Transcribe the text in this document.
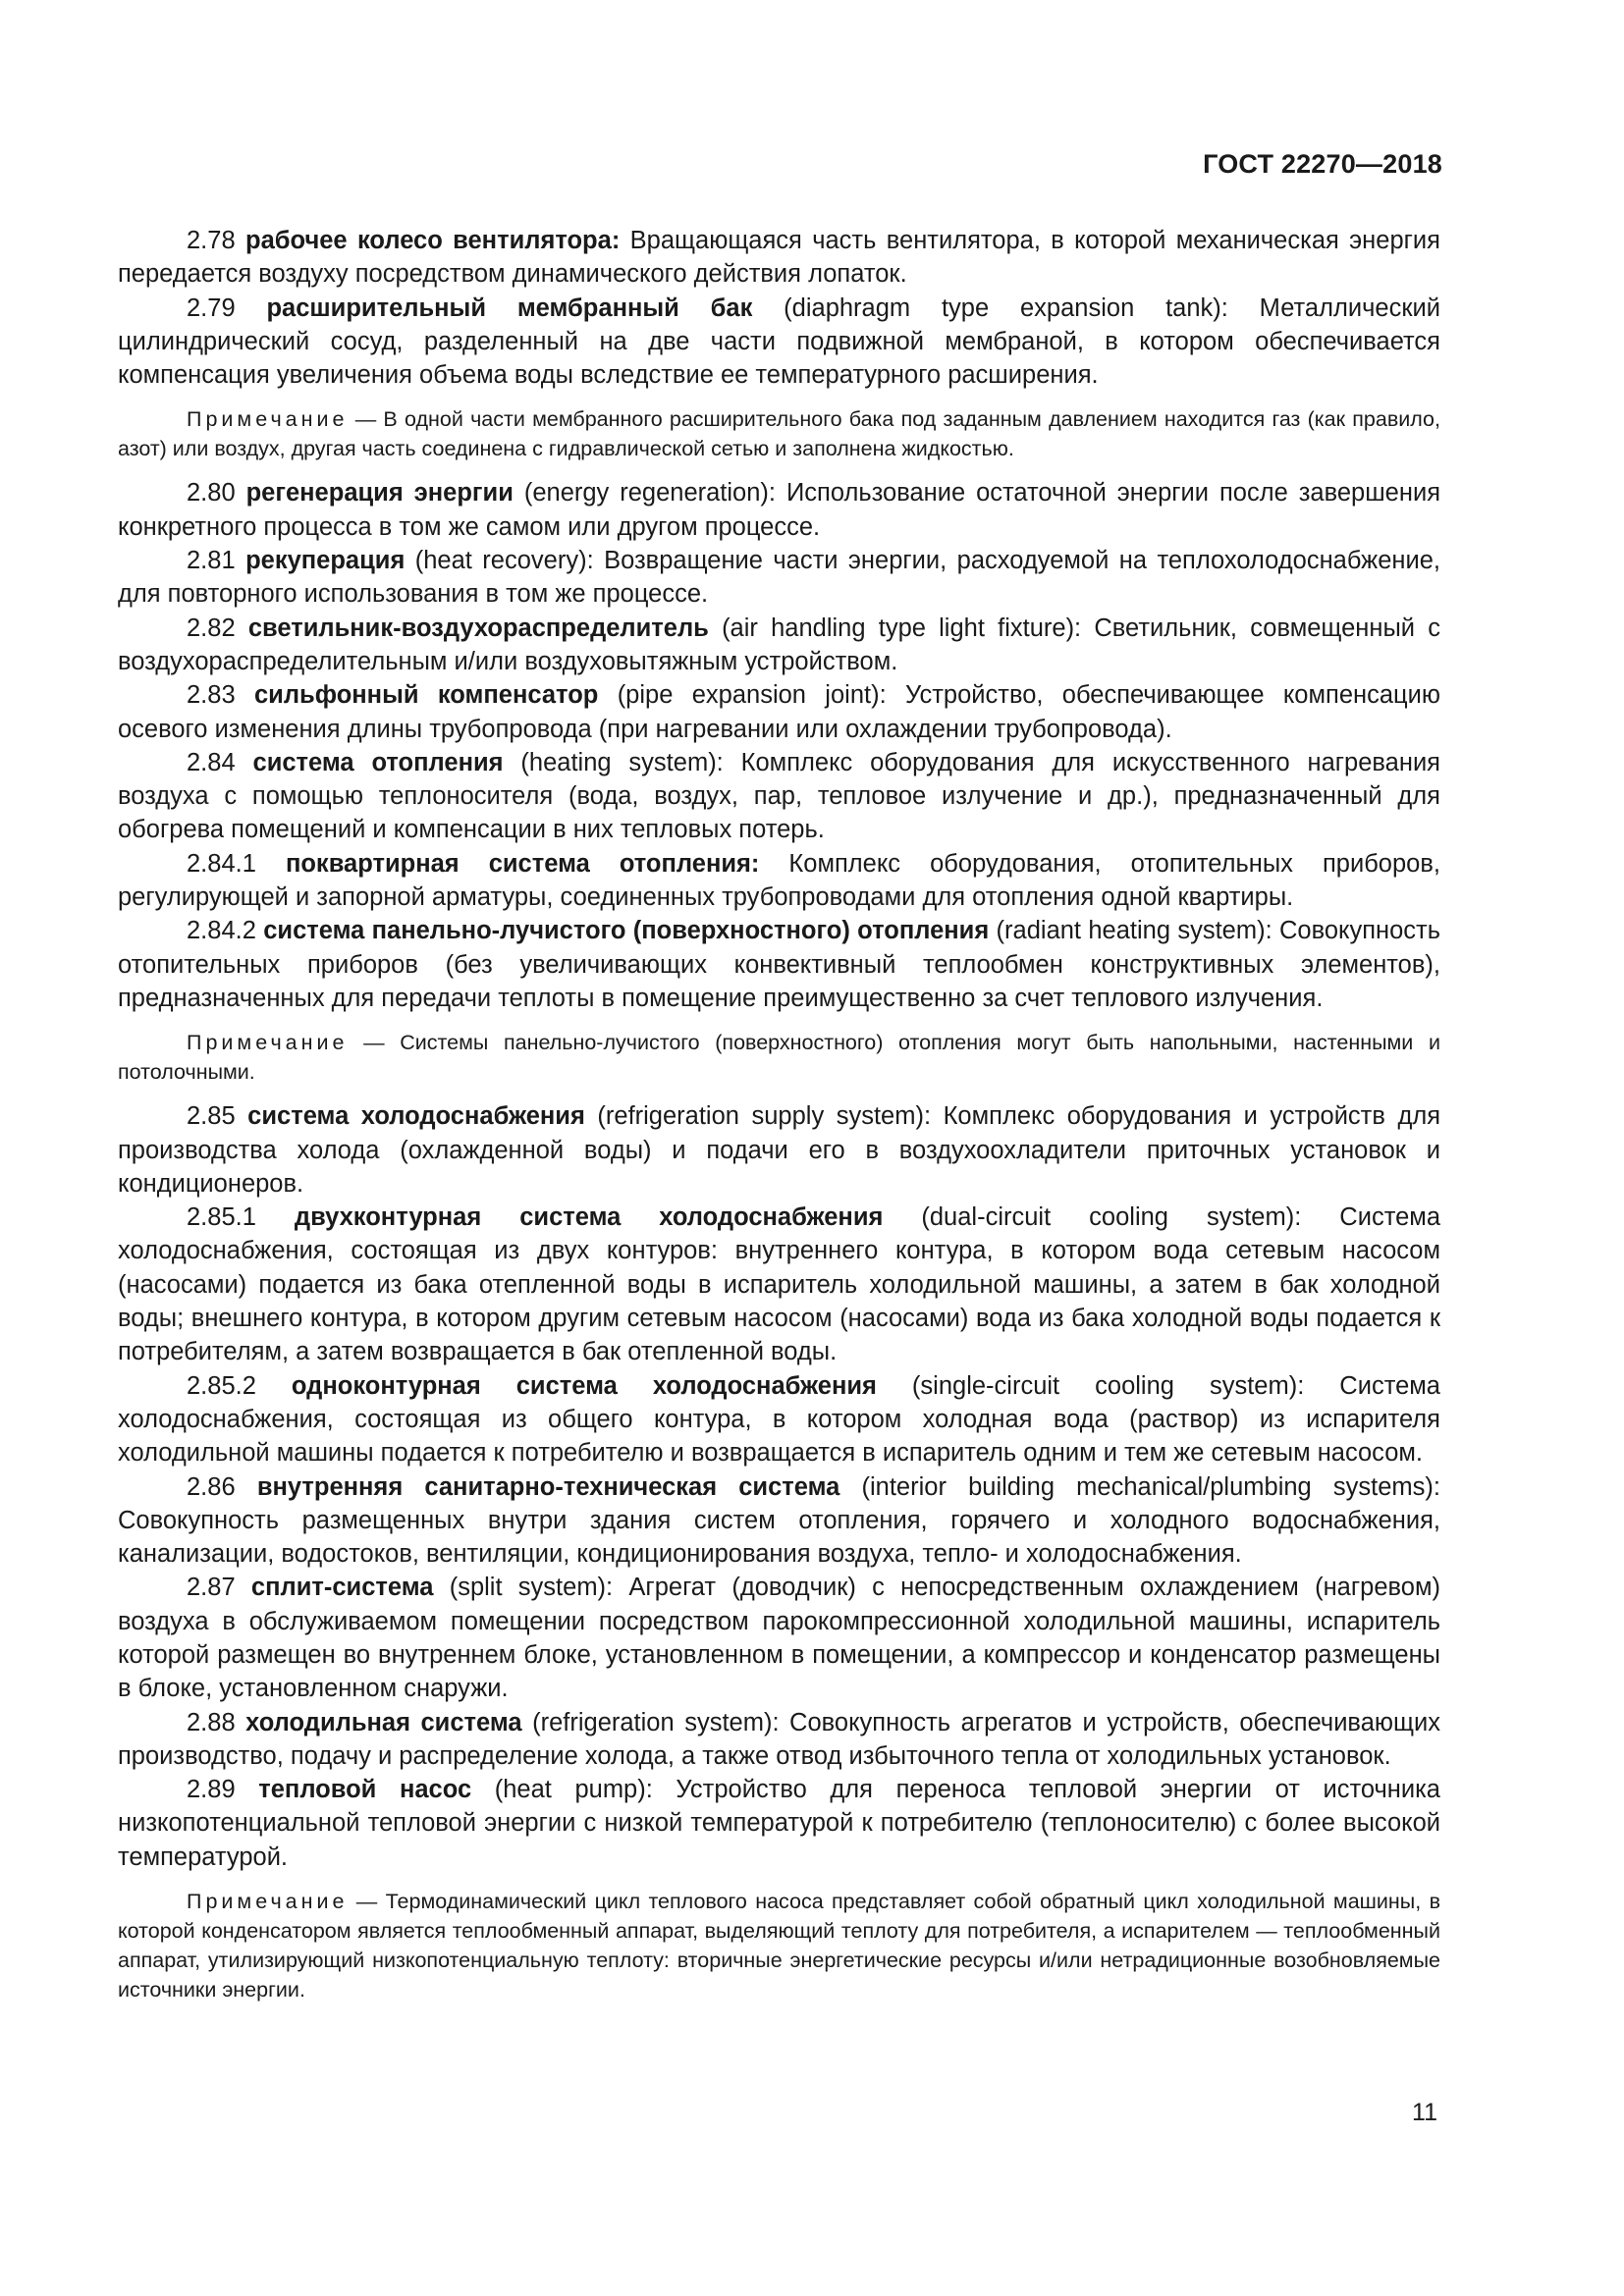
ГОСТ 22270—2018
2.78 рабочее колесо вентилятора: Вращающаяся часть вентилятора, в которой механическая энергия передается воздуху посредством динамического действия лопаток.
2.79 расширительный мембранный бак (diaphragm type expansion tank): Металлический цилиндрический сосуд, разделенный на две части подвижной мембраной, в котором обеспечивается компенсация увеличения объема воды вследствие ее температурного расширения.
Примечание — В одной части мембранного расширительного бака под заданным давлением находится газ (как правило, азот) или воздух, другая часть соединена с гидравлической сетью и заполнена жидкостью.
2.80 регенерация энергии (energy regeneration): Использование остаточной энергии после завершения конкретного процесса в том же самом или другом процессе.
2.81 рекуперация (heat recovery): Возвращение части энергии, расходуемой на теплохолодоснабжение, для повторного использования в том же процессе.
2.82 светильник-воздухораспределитель (air handling type light fixture): Светильник, совмещенный с воздухораспределительным и/или воздуховытяжным устройством.
2.83 сильфонный компенсатор (pipe expansion joint): Устройство, обеспечивающее компенсацию осевого изменения длины трубопровода (при нагревании или охлаждении трубопровода).
2.84 система отопления (heating system): Комплекс оборудования для искусственного нагревания воздуха с помощью теплоносителя (вода, воздух, пар, тепловое излучение и др.), предназначенный для обогрева помещений и компенсации в них тепловых потерь.
2.84.1 поквартирная система отопления: Комплекс оборудования, отопительных приборов, регулирующей и запорной арматуры, соединенных трубопроводами для отопления одной квартиры.
2.84.2 система панельно-лучистого (поверхностного) отопления (radiant heating system): Совокупность отопительных приборов (без увеличивающих конвективный теплообмен конструктивных элементов), предназначенных для передачи теплоты в помещение преимущественно за счет теплового излучения.
Примечание — Системы панельно-лучистого (поверхностного) отопления могут быть напольными, настенными и потолочными.
2.85 система холодоснабжения (refrigeration supply system): Комплекс оборудования и устройств для производства холода (охлажденной воды) и подачи его в воздухоохладители приточных установок и кондиционеров.
2.85.1 двухконтурная система холодоснабжения (dual-circuit cooling system): Система холодоснабжения, состоящая из двух контуров: внутреннего контура, в котором вода сетевым насосом (насосами) подается из бака отепленной воды в испаритель холодильной машины, а затем в бак холодной воды; внешнего контура, в котором другим сетевым насосом (насосами) вода из бака холодной воды подается к потребителям, а затем возвращается в бак отепленной воды.
2.85.2 одноконтурная система холодоснабжения (single-circuit cooling system): Система холодоснабжения, состоящая из общего контура, в котором холодная вода (раствор) из испарителя холодильной машины подается к потребителю и возвращается в испаритель одним и тем же сетевым насосом.
2.86 внутренняя санитарно-техническая система (interior building mechanical/plumbing systems): Совокупность размещенных внутри здания систем отопления, горячего и холодного водоснабжения, канализации, водостоков, вентиляции, кондиционирования воздуха, тепло- и холодоснабжения.
2.87 сплит-система (split system): Агрегат (доводчик) с непосредственным охлаждением (нагревом) воздуха в обслуживаемом помещении посредством парокомпрессионной холодильной машины, испаритель которой размещен во внутреннем блоке, установленном в помещении, а компрессор и конденсатор размещены в блоке, установленном снаружи.
2.88 холодильная система (refrigeration system): Совокупность агрегатов и устройств, обеспечивающих производство, подачу и распределение холода, а также отвод избыточного тепла от холодильных установок.
2.89 тепловой насос (heat pump): Устройство для переноса тепловой энергии от источника низкопотенциальной тепловой энергии с низкой температурой к потребителю (теплоносителю) с более высокой температурой.
Примечание — Термодинамический цикл теплового насоса представляет собой обратный цикл холодильной машины, в которой конденсатором является теплообменный аппарат, выделяющий теплоту для потребителя, а испарителем — теплообменный аппарат, утилизирующий низкопотенциальную теплоту: вторичные энергетические ресурсы и/или нетрадиционные возобновляемые источники энергии.
11
